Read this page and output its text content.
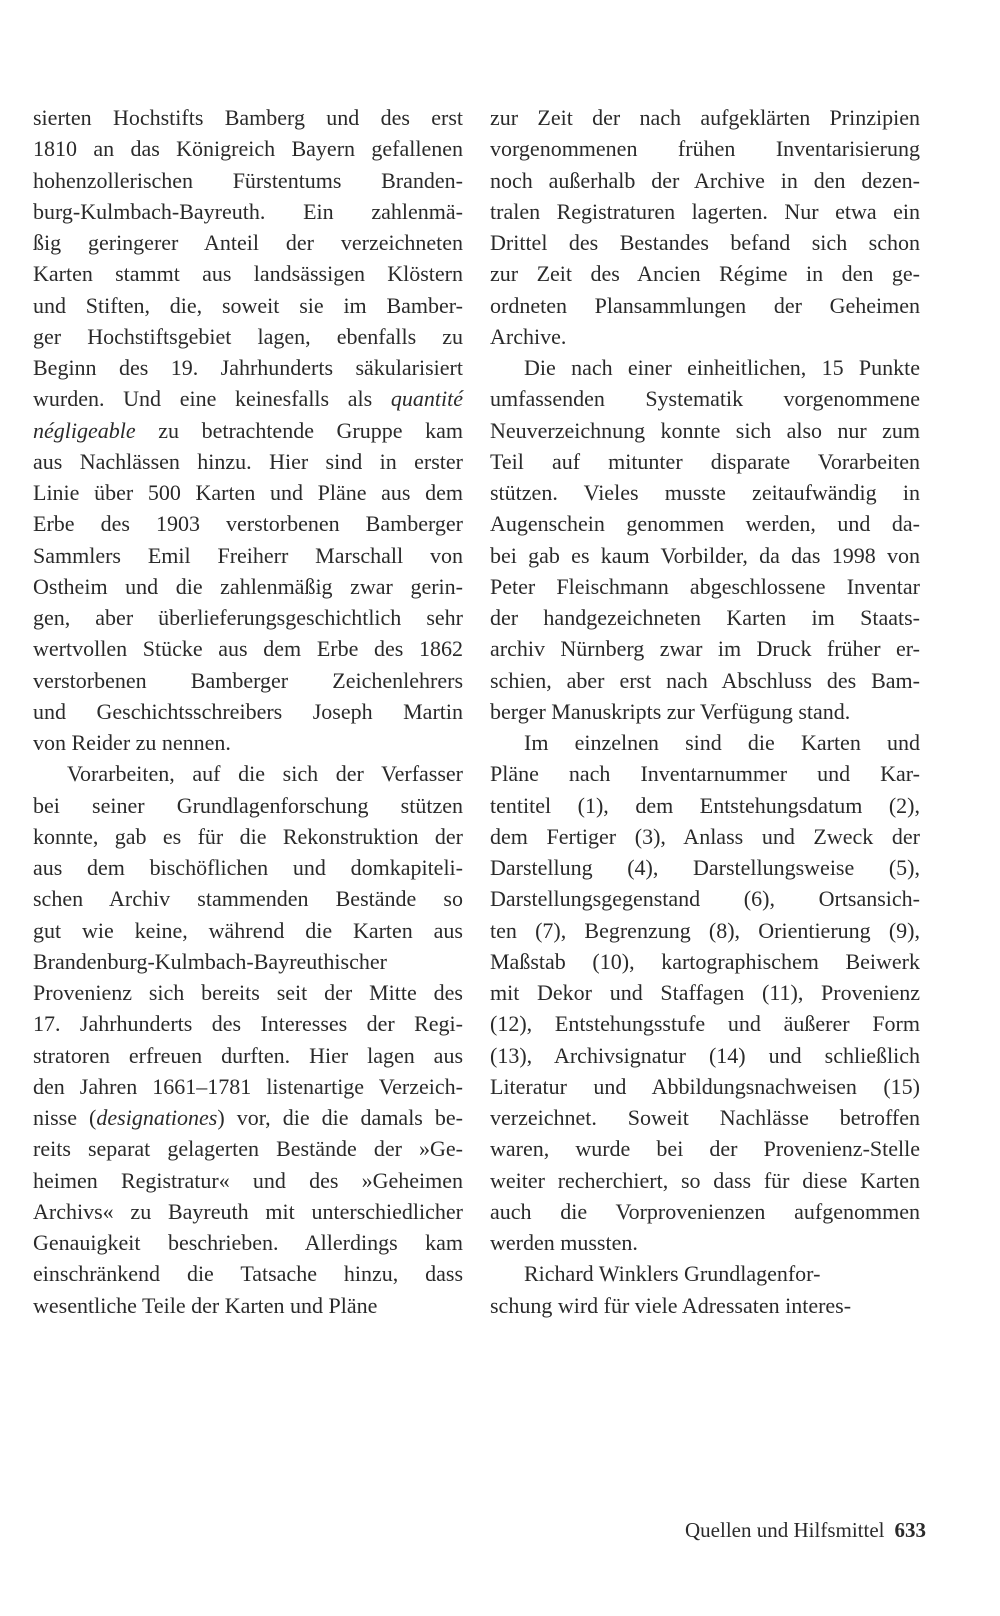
sierten Hochstifts Bamberg und des erst
1810 an das Königreich Bayern gefallenen
hohenzollerischen Fürstentums Branden-
burg-Kulmbach-Bayreuth. Ein zahlenmä-
ßig geringerer Anteil der verzeichneten
Karten stammt aus landsässigen Klöstern
und Stiften, die, soweit sie im Bamber-
ger Hochstiftsgebiet lagen, ebenfalls zu
Beginn des 19. Jahrhunderts säkularisiert
wurden. Und eine keinesfalls als quantité
négligeable zu betrachtende Gruppe kam
aus Nachlässen hinzu. Hier sind in erster
Linie über 500 Karten und Pläne aus dem
Erbe des 1903 verstorbenen Bamberger
Sammlers Emil Freiherr Marschall von
Ostheim und die zahlenmäßig zwar gerin-
gen, aber überlieferungsgeschichtlich sehr
wertvollen Stücke aus dem Erbe des 1862
verstorbenen Bamberger Zeichenlehrers
und Geschichtsschreibers Joseph Martin
von Reider zu nennen.
Vorarbeiten, auf die sich der Verfasser
bei seiner Grundlagenforschung stützen
konnte, gab es für die Rekonstruktion der
aus dem bischöflichen und domkapiteli-
schen Archiv stammenden Bestände so
gut wie keine, während die Karten aus
Brandenburg-Kulmbach-Bayreuthischer
Provenienz sich bereits seit der Mitte des
17. Jahrhunderts des Interesses der Regi-
stratoren erfreuen durften. Hier lagen aus
den Jahren 1661–1781 listenartige Verzeich-
nisse (designationes) vor, die die damals be-
reits separat gelagerten Bestände der »Ge-
heimen Registratur« und des »Geheimen
Archivs« zu Bayreuth mit unterschiedlicher
Genauigkeit beschrieben. Allerdings kam
einschränkend die Tatsache hinzu, dass
wesentliche Teile der Karten und Pläne
zur Zeit der nach aufgeklärten Prinzipien
vorgenommenen frühen Inventarisierung
noch außerhalb der Archive in den dezen-
tralen Registraturen lagerten. Nur etwa ein
Drittel des Bestandes befand sich schon
zur Zeit des Ancien Régime in den ge-
ordneten Plansammlungen der Geheimen
Archive.
Die nach einer einheitlichen, 15 Punkte
umfassenden Systematik vorgenommene
Neuverzeichnung konnte sich also nur zum
Teil auf mitunter disparate Vorarbeiten
stützen. Vieles musste zeitaufwändig in
Augenschein genommen werden, und da-
bei gab es kaum Vorbilder, da das 1998 von
Peter Fleischmann abgeschlossene Inventar
der handgezeichneten Karten im Staats-
archiv Nürnberg zwar im Druck früher er-
schien, aber erst nach Abschluss des Bam-
berger Manuskripts zur Verfügung stand.
Im einzelnen sind die Karten und
Pläne nach Inventarnummer und Kar-
tentitel (1), dem Entstehungsdatum (2),
dem Fertiger (3), Anlass und Zweck der
Darstellung (4), Darstellungsweise (5),
Darstellungsgegenstand (6), Ortsansich-
ten (7), Begrenzung (8), Orientierung (9),
Maßstab (10), kartographischem Beiwerk
mit Dekor und Staffagen (11), Provenienz
(12), Entstehungsstufe und äußerer Form
(13), Archivsignatur (14) und schließlich
Literatur und Abbildungsnachweisen (15)
verzeichnet. Soweit Nachlässe betroffen
waren, wurde bei der Provenienz-Stelle
weiter recherchiert, so dass für diese Karten
auch die Vorprovenienzen aufgenommen
werden mussten.
Richard Winklers Grundlagenfor-
schung wird für viele Adressaten interes-
Quellen und Hilfsmittel 633
